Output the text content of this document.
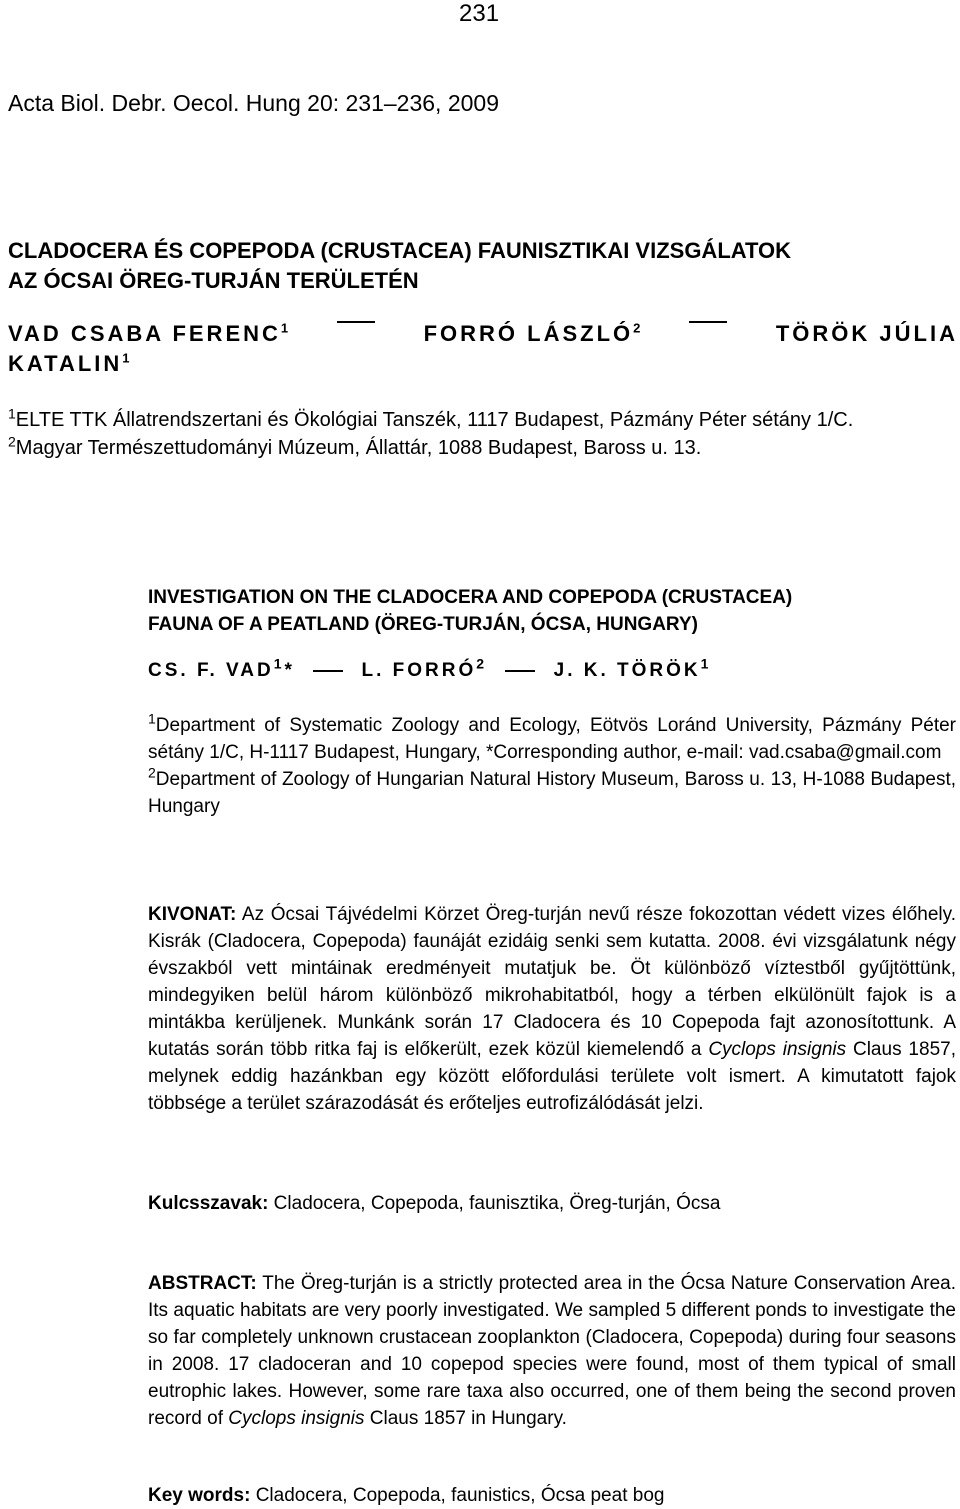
231
Acta Biol. Debr. Oecol. Hung 20: 231–236, 2009
CLADOCERA ÉS COPEPODA (CRUSTACEA) FAUNISZTIKAI VIZSGÁLATOK
AZ ÓCSAI ÖREG-TURJÁN TERÜLETÉN
VAD CSABA FERENC$^1$	FORRÓ LÁSZLÓ$^2$	TÖRÖK JÚLIA
KATALIN$^1$
$^1$ELTE TTK Állatrendszertani és Ökológiai Tanszék, 1117 Budapest, Pázmány Péter sétány 1/C.
$^2$Magyar Természettudományi Múzeum, Állattár, 1088 Budapest, Baross u. 13.
INVESTIGATION ON THE CLADOCERA AND COPEPODA (CRUSTACEA)
FAUNA OF A PEATLAND (ÖREG-TURJÁN, ÓCSA, HUNGARY)
CS. F. VAD$^1$*	L. FORRÓ$^2$	J. K. TÖRÖK$^1$
$^1$Department of Systematic Zoology and Ecology, Eötvös Loránd University, Pázmány Péter sétány 1/C, H-1117 Budapest, Hungary, *Corresponding author, e-mail: vad.csaba@gmail.com
$^2$Department of Zoology of Hungarian Natural History Museum, Baross u. 13, H-1088 Budapest, Hungary
KIVONAT: Az Ócsai Tájvédelmi Körzet Öreg-turján nevű része fokozottan védett vizes élőhely. Kisrák (Cladocera, Copepoda) faunáját ezidáig senki sem kutatta. 2008. évi vizsgálatunk négy évszakból vett mintáinak eredményeit mutatjuk be. Öt különböző víztestből gyűjtöttünk, mindegyiken belül három különböző mikrohabitatból, hogy a térben elkülönült fajok is a mintákba kerüljenek. Munkánk során 17 Cladocera és 10 Copepoda fajt azonosítottunk. A kutatás során több ritka faj is előkerült, ezek közül kiemelendő a Cyclops insignis Claus 1857, melynek eddig hazánkban egy között előfordulási területe volt ismert. A kimutatott fajok többsége a terület szárazodását és erőteljes eutrofizálódását jelzi.
Kulcsszavak: Cladocera, Copepoda, faunisztika, Öreg-turján, Ócsa
ABSTRACT: The Öreg-turján is a strictly protected area in the Ócsa Nature Conservation Area. Its aquatic habitats are very poorly investigated. We sampled 5 different ponds to investigate the so far completely unknown crustacean zooplankton (Cladocera, Copepoda) during four seasons in 2008. 17 cladoceran and 10 copepod species were found, most of them typical of small eutrophic lakes. However, some rare taxa also occurred, one of them being the second proven record of Cyclops insignis Claus 1857 in Hungary.
Key words: Cladocera, Copepoda, faunistics, Ócsa peat bog
